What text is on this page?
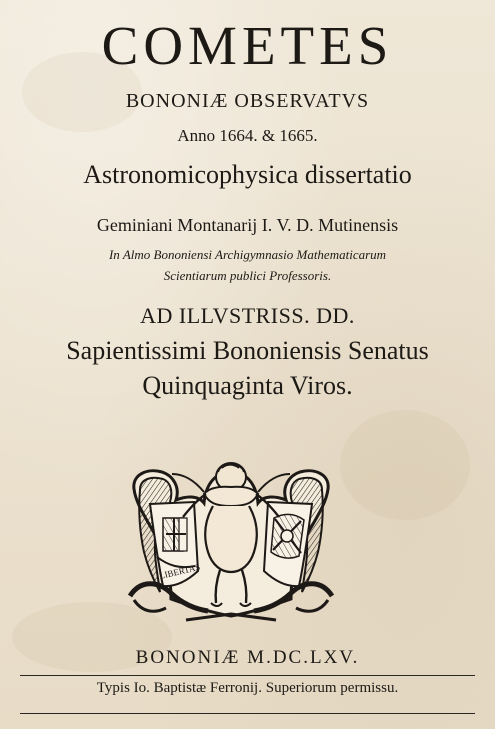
COMETES
BONONIÆ OBSERVATVS
Anno 1664. & 1665.
Astronomicophysica dissertatio
Geminiani Montanarij I. V. D. Mutinensis
In Almo Bononiensi Archigymnasio Mathematicarum
Scientiarum publici Professoris.
AD ILLVSTRISS. DD.
Sapientissimi Bononiensis Senatus
Quinquaginta Viros.
LIBERTAS
BONONIÆ M.DC.LXV.
Typis Io. Baptistæ Ferronij. Superiorum permissu.
